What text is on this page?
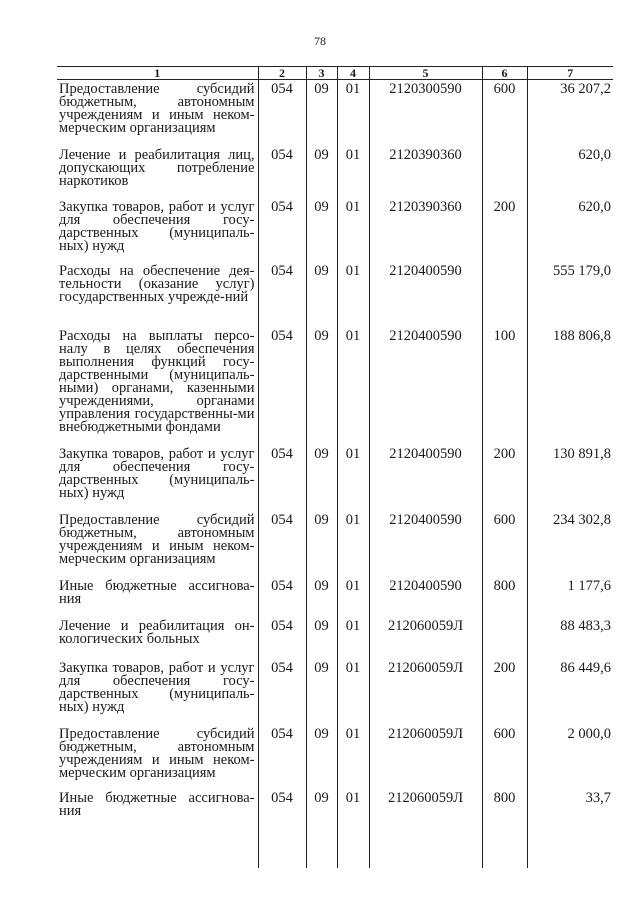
78
1	2	3	4	5	6	7
Предоставление субсидий бюджетным, автономным учреждениям и иным неком-мерческим организациям	054	09	01	2120300590	600	36 207,2
Лечение и реабилитация лиц, допускающих потребление наркотиков	054	09	01	2120390360		620,0
Закупка товаров, работ и услуг для обеспечения госу-дарственных (муниципаль-ных) нужд	054	09	01	2120390360	200	620,0
Расходы на обеспечение дея-тельности (оказание услуг) государственных учрежде-ний	054	09	01	2120400590		555 179,0
Расходы на выплаты персо-налу в целях обеспечения выполнения функций госу-дарственными (муниципаль-ными) органами, казенными учреждениями, органами управления государственны-ми внебюджетными фондами	054	09	01	2120400590	100	188 806,8
Закупка товаров, работ и услуг для обеспечения госу-дарственных (муниципаль-ных) нужд	054	09	01	2120400590	200	130 891,8
Предоставление субсидий бюджетным, автономным учреждениям и иным неком-мерческим организациям	054	09	01	2120400590	600	234 302,8
Иные бюджетные ассигнова-ния	054	09	01	2120400590	800	1 177,6
Лечение и реабилитация он-кологических больных	054	09	01	212060059Л		88 483,3
Закупка товаров, работ и услуг для обеспечения госу-дарственных (муниципаль-ных) нужд	054	09	01	212060059Л	200	86 449,6
Предоставление субсидий бюджетным, автономным учреждениям и иным неком-мерческим организациям	054	09	01	212060059Л	600	2 000,0
Иные бюджетные ассигнова-ния	054	09	01	212060059Л	800	33,7
